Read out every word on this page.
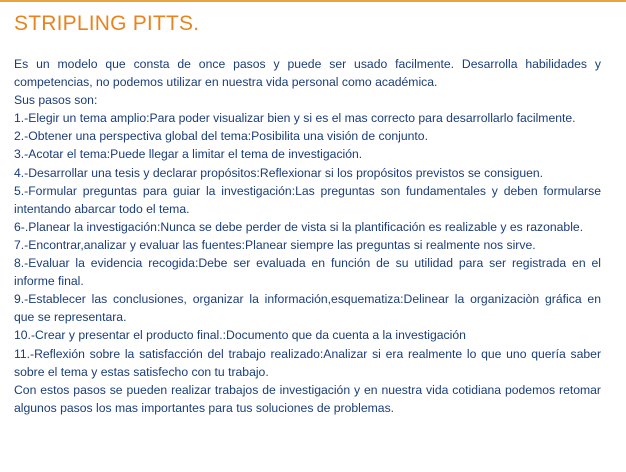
STRIPLING PITTS.

Es un modelo que consta de once pasos y puede ser usado facilmente. Desarrolla habilidades y competencias, no podemos utilizar en nuestra vida personal como académica.

Sus pasos son:

1.-Elegir un tema amplio:Para poder visualizar bien y si es el mas correcto para desarrollarlo facilmente.
2.-Obtener una perspectiva global del tema:Posibilita una visión de conjunto.
3.-Acotar el tema:Puede llegar a limitar el tema de investigación.
4.-Desarrollar una tesis y declarar propósitos:Reflexionar si los propósitos previstos se consiguen.
5.-Formular preguntas para guiar la investigación:Las preguntas son fundamentales y deben formularse intentando abarcar todo el tema.
6-.Planear la investigación:Nunca se debe perder de vista si la plantificación es realizable y es razonable.
7.-Encontrar,analizar y evaluar las fuentes:Planear siempre las preguntas si realmente nos sirve.
8.-Evaluar la evidencia recogida:Debe ser evaluada en función de su utilidad para ser registrada en el informe final.
9.-Establecer las conclusiones, organizar la información,esquematiza:Delinear la organizaciòn gráfica en que se representara.
10.-Crear y presentar el producto final.:Documento que da cuenta a la investigación
11.-Reflexión sobre la satisfacción del trabajo realizado:Analizar si era realmente lo que uno quería saber sobre el tema y estas satisfecho con tu trabajo.

Con estos pasos se pueden realizar trabajos de investigación y en nuestra vida cotidiana podemos retomar algunos pasos los mas importantes para tus soluciones de problemas.
